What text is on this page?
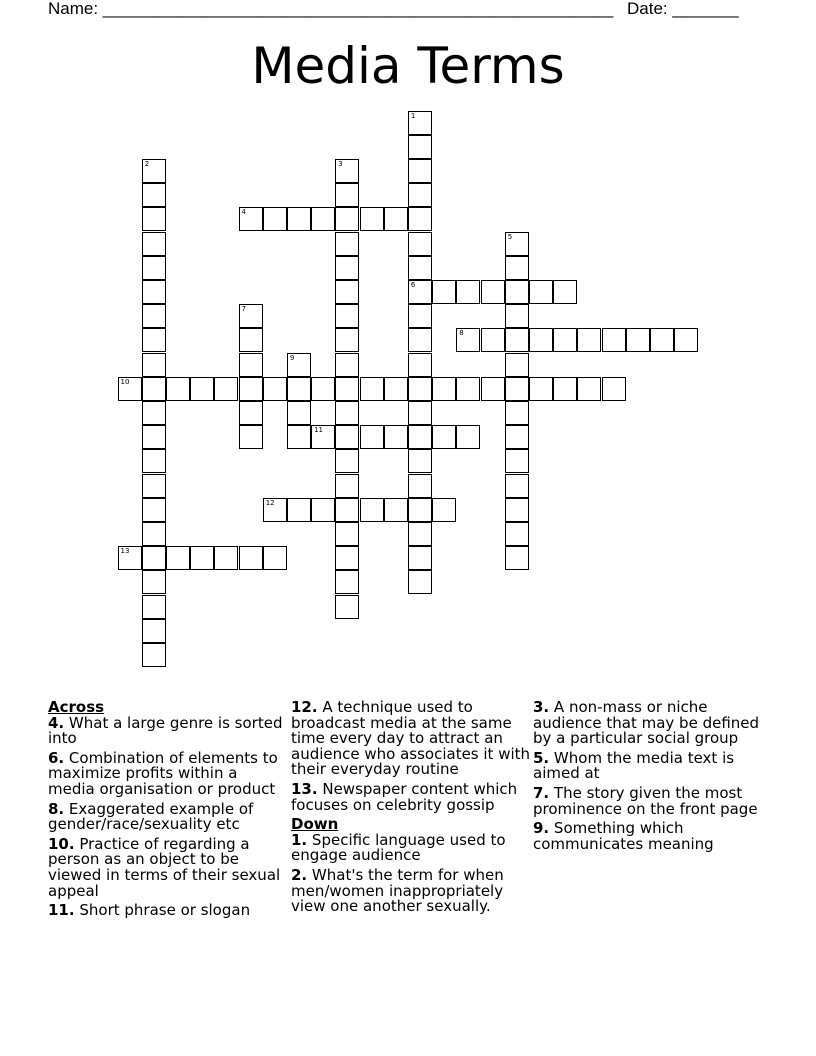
Name: ______________________________________________________ Date: _______
Media Terms
1
6
2	3
4
5
7
8
9
10
11
12
13
Across
4. What a large genre is sorted into
6. Combination of elements to maximize profits within a media organisation or product
8. Exaggerated example of gender/race/sexuality etc
10. Practice of regarding a person as an object to be viewed in terms of their sexual appeal
11. Short phrase or slogan
12. A technique used to broadcast media at the same time every day to attract an audience who associates it with their everyday routine
13. Newspaper content which focuses on celebrity gossip
Down
1. Specific language used to engage audience
2. What's the term for when men/women inappropriately view one another sexually.
3. A non-mass or niche audience that may be defined by a particular social group
5. Whom the media text is aimed at
7. The story given the most prominence on the front page
9. Something which communicates meaning
